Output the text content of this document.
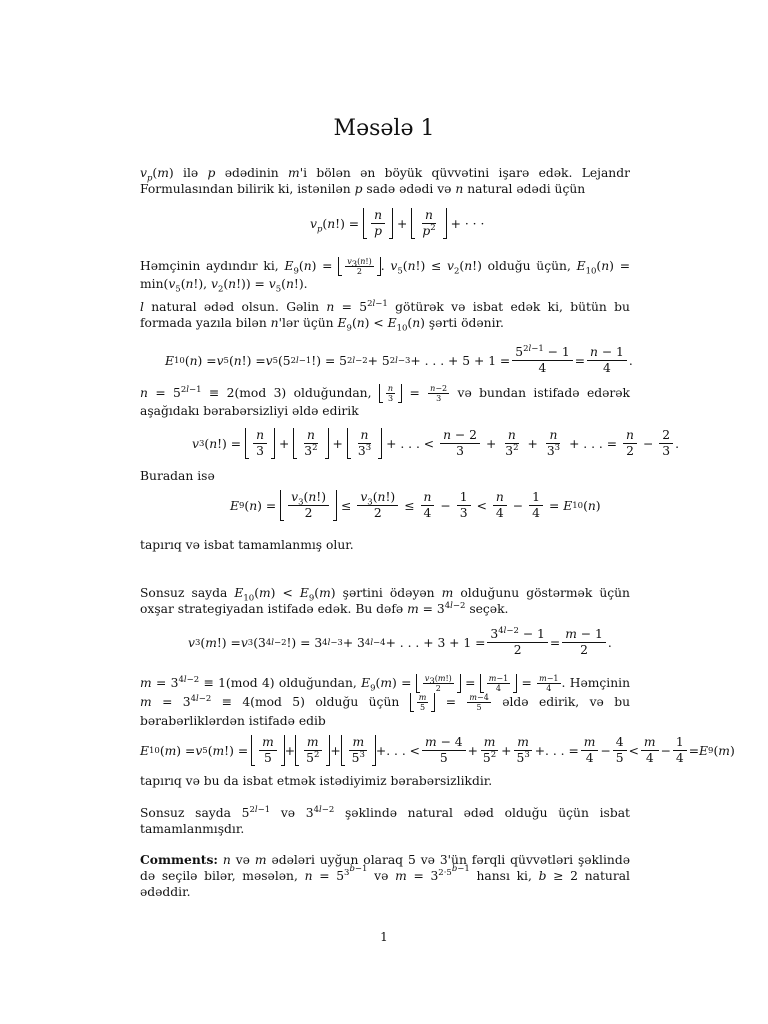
Məsələ 1
$v_p(m)$ ilə p ədədinin m'i bölən ən böyük qüvvətini işarə edək. Lejandr Formulasından bilirik ki, istənilən p sadə ədədi və n natural ədədi üçün
$v_p$ ( n !) = $\frac{n}{p} + \frac{n}{p^2}$ + · · ·
Həmçinin aydındır ki, $E_9(n) = v_3(n!)$
2 . $v_5(n!) \le v_2(n!)$ olduğu üçün, $E_{10}(n) = \min(v_5(n!)$, $v_2(n!)) = v_5(n!)$.
l natural ədəd olsun. Gəlin $n = 5^{2l-1}$ götürək və isbat edək ki, bütün bu formada yazıla bilən n'lər üçün $E_9(n) < E_{10}(n)$ şərti ödənir.
E 10 ( n ) = v 5 ( n !) = v 5 (5 2l−1 !) = 5 2l−2 + 5 2l−3 + . . . + $5 + 1 = \frac{5^{2l-1} - 1}{4} = \frac{n - 1}{4}$ .
$n = 5^{2l-1} \equiv 2(mod$ 3) olduğundan, n
$3 = \frac{n-2}{3}$ və bundan istifadə edərək aşağıdakı bərabərsizliyi əldə edirik
v 3 ( n !) = $\frac{n}{3} + \frac{n}{3^2} + \frac{n}{3^3}$ + . . . < $\frac{n - 2}{3} + \frac{n}{3^2} + \frac{n}{3^3}$ + . . . = $\frac{n}{2} - \frac{2}{3}$ .
Buradan isə
E 9 ( n ) = $\frac{v_3(n!)}{2} \le \frac{v_3(n!)}{2} \le \frac{n}{4} - \frac{1}{3} < \frac{n}{4} - \frac{1}{4} = E$ 10 ( n )
tapırıq və isbat tamamlanmış olur.
Sonsuz sayda $E_{10}(m) < E_9(m)$ şərtini ödəyən m olduğunu göstərmək üçün oxşar strategiyadan istifadə edək. Bu dəfə $m = 3^{4l-2}$ seçək.
v 3 ( m !) = v 3 (3 4l−2 !) = 3 4l−3 + 3 4l−4 + . . . + $3 + 1 = \frac{3^{4l-2} - 1}{2} = \frac{m - 1}{2}$ .
$m = 3^{4l-2} \equiv 1(mod$ 4) olduğundan, $E_9(m) = v_3(m!)$
2 = m−1
$4 = \frac{m-1}{4}$ . Həmçinin $m = 3^{4l-2} \equiv 4(mod$ 5) olduğu üçün m
$5 = \frac{m-4}{5}$ əldə edirik, və bu bərabərliklərdən istifadə edib
E 10 ( m ) = v 5 ( m !) = $\frac{m}{5} + \frac{m}{5^2} + \frac{m}{5^3}$ +. . . < $\frac{m - 4}{5} + \frac{m}{5^2} + \frac{m}{5^3}$ +. . . = $\frac{m}{4} - \frac{4}{5} < \frac{m}{4} - \frac{1}{4} = E$ 9 ( m )
tapırıq və bu da isbat etmək istədiyimiz bərabərsizlikdir.
Sonsuz sayda $5^{2l-1}$ və $3^{4l-2}$ şəklində natural ədəd olduğu üçün isbat tamamlanmışdır.
Comments: n və m ədələri uyğun olaraq 5 və 3'ün fərqli qüvvətləri şəklində də seçilə bilər, məsələn, $n = 5^{3^{b-1}}$ və $m = 3^{2\cdot 5^{b-1}}$ hansı ki, b ≥ 2 natural ədəddir.
1
